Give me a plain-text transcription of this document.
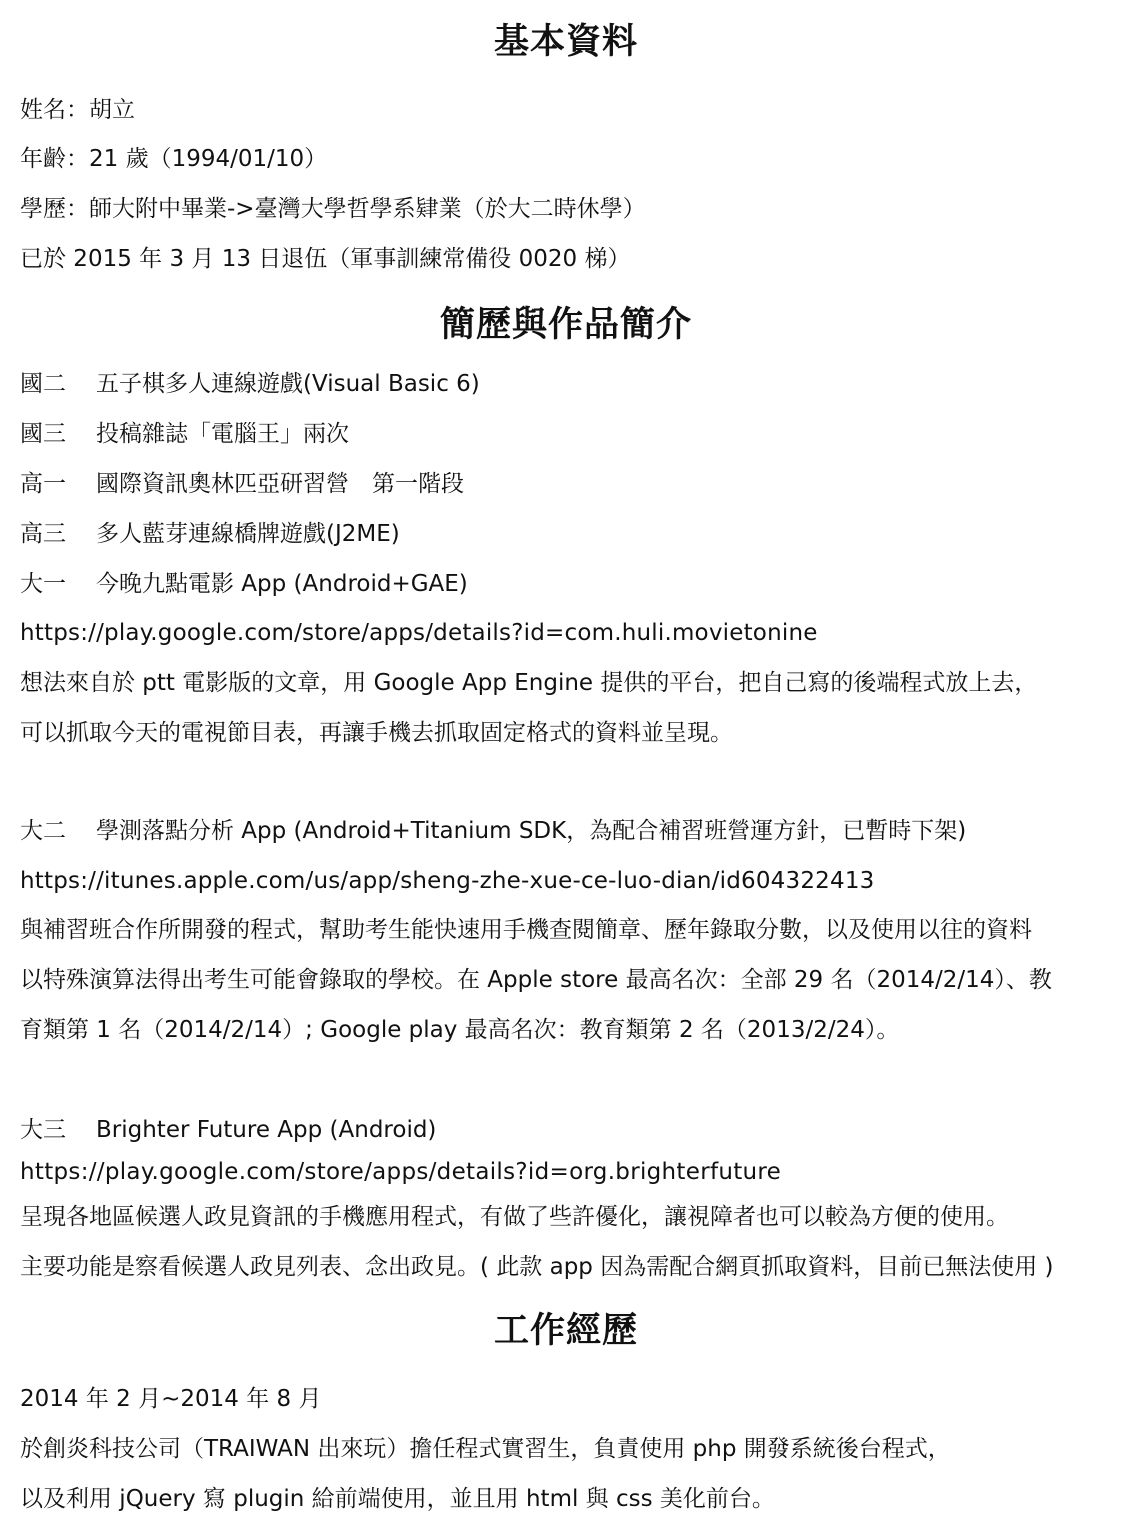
基本資料
姓名：胡立
年齡：21 歲（1994/01/10）
學歷：師大附中畢業->臺灣大學哲學系肄業（於大二時休學）
已於 2015 年 3 月 13 日退伍（軍事訓練常備役 0020 梯）
簡歷與作品簡介
國二 五子棋多人連線遊戲(Visual Basic 6)
國三 投稿雜誌「電腦王」兩次
高一 國際資訊奧林匹亞研習營　第一階段
高三 多人藍芽連線橋牌遊戲(J2ME)
大一 今晚九點電影 App (Android+GAE)
https://play.google.com/store/apps/details?id=com.huli.movietonine
想法來自於 ptt 電影版的文章，用 Google App Engine 提供的平台，把自己寫的後端程式放上去，
可以抓取今天的電視節目表，再讓手機去抓取固定格式的資料並呈現。
大二 學測落點分析 App (Android+Titanium SDK，為配合補習班營運方針，已暫時下架)
https://itunes.apple.com/us/app/sheng-zhe-xue-ce-luo-dian/id604322413
與補習班合作所開發的程式，幫助考生能快速用手機查閱簡章、歷年錄取分數，以及使用以往的資料
以特殊演算法得出考生可能會錄取的學校。在 Apple store 最高名次：全部 29 名（2014/2/14）、教
育類第 1 名（2014/2/14）; Google play 最高名次：教育類第 2 名（2013/2/24）。
大三 Brighter Future App (Android)
https://play.google.com/store/apps/details?id=org.brighterfuture
呈現各地區候選人政見資訊的手機應用程式，有做了些許優化，讓視障者也可以較為方便的使用。
主要功能是察看候選人政見列表、念出政見。( 此款 app 因為需配合網頁抓取資料，目前已無法使用 )
工作經歷
2014 年 2 月~2014 年 8 月
於創炎科技公司（TRAIWAN 出來玩）擔任程式實習生，負責使用 php 開發系統後台程式，
以及利用 jQuery 寫 plugin 給前端使用，並且用 html 與 css 美化前台。
